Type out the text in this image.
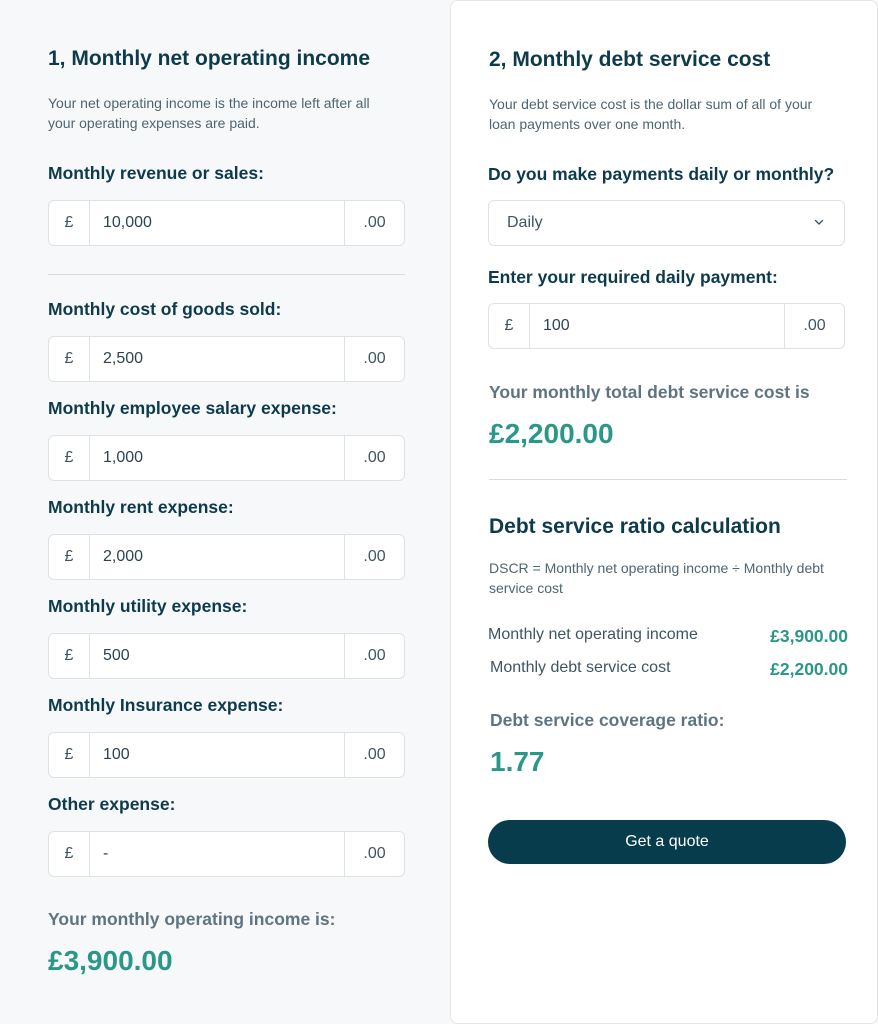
1, Monthly net operating income
Your net operating income is the income left after all
your operating expenses are paid.
Monthly revenue or sales:
£
10,000	.00
Monthly cost of goods sold:
£
2,500	.00
Monthly employee salary expense:
£
1,000	.00
Monthly rent expense:
£
2,000	.00
Monthly utility expense:
£
500	.00
Monthly Insurance expense:
£
100	.00
Other expense:
£
-	.00
Your monthly operating income is:
£3,900.00
2, Monthly debt service cost
Your debt service cost is the dollar sum of all of your
loan payments over one month.
Do you make payments daily or monthly?
Daily
Enter your required daily payment:
£
100	.00
Your monthly total debt service cost is
£2,200.00
Debt service ratio calculation
DSCR = Monthly net operating income ÷ Monthly debt
service cost
Monthly net operating income	£3,900.00
Monthly debt service cost	£2,200.00
Debt service coverage ratio:
1.77
Get a quote
